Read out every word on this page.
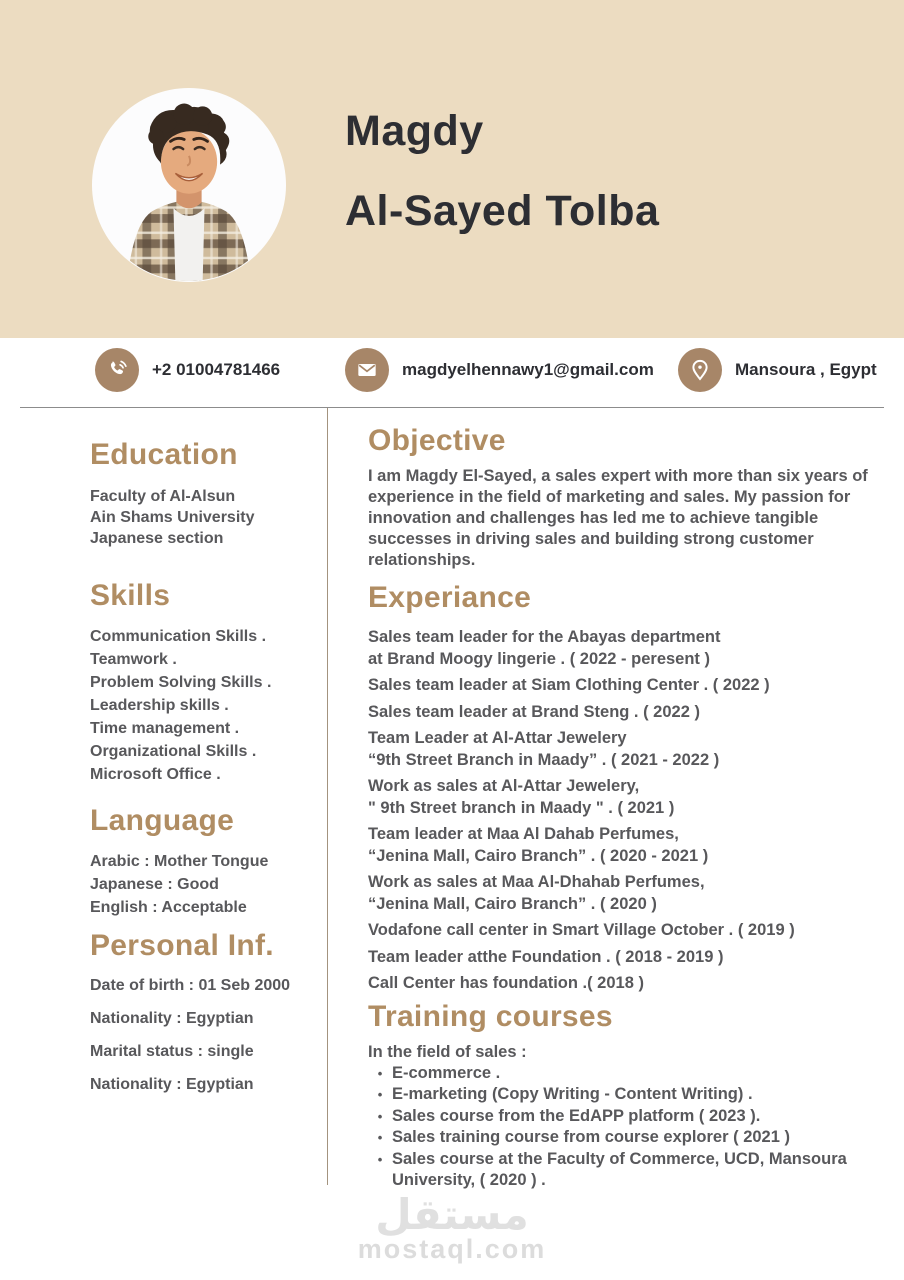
Magdy
Al-Sayed Tolba
+2 01004781466	magdyelhennawy1@gmail.com	Mansoura , Egypt
Education
Faculty of Al-Alsun
Ain Shams University
Japanese section
Skills
Communication Skills .
Teamwork .
Problem Solving Skills .
Leadership skills .
Time management .
Organizational Skills .
Microsoft Office .
Language
Arabic : Mother Tongue
Japanese : Good
English : Acceptable
Personal Inf.
Date of birth : 01 Seb 2000
Nationality : Egyptian
Marital status : single
Nationality : Egyptian
Objective
I am Magdy El-Sayed, a sales expert with more than six years of experience in the field of marketing and sales. My passion for innovation and challenges has led me to achieve tangible successes in driving sales and building strong customer relationships.
Experiance
Sales team leader for the Abayas department
at Brand Moogy lingerie . ( 2022 - peresent )
Sales team leader at Siam Clothing Center . ( 2022 )
Sales team leader at Brand Steng . ( 2022 )
Team Leader at Al-Attar Jewelery
“9th Street Branch in Maady” . ( 2021 - 2022 )
Work as sales at Al-Attar Jewelery,
" 9th Street branch in Maady " . ( 2021 )
Team leader at Maa Al Dahab Perfumes,
“Jenina Mall, Cairo Branch” . ( 2020 - 2021 )
Work as sales at Maa Al-Dhahab Perfumes,
“Jenina Mall, Cairo Branch” . ( 2020 )
Vodafone call center in Smart Village October . ( 2019 )
Team leader atthe Foundation . ( 2018 - 2019 )
Call Center has foundation .( 2018 )
Training courses
In the field of sales :
• E-commerce .
• E-marketing (Copy Writing - Content Writing) .
• Sales course from the EdAPP platform ( 2023 ).
• Sales training course from course explorer ( 2021 )
• Sales course at the Faculty of Commerce, UCD, Mansoura University, ( 2020 ) .
مستقل
mostaql.com
